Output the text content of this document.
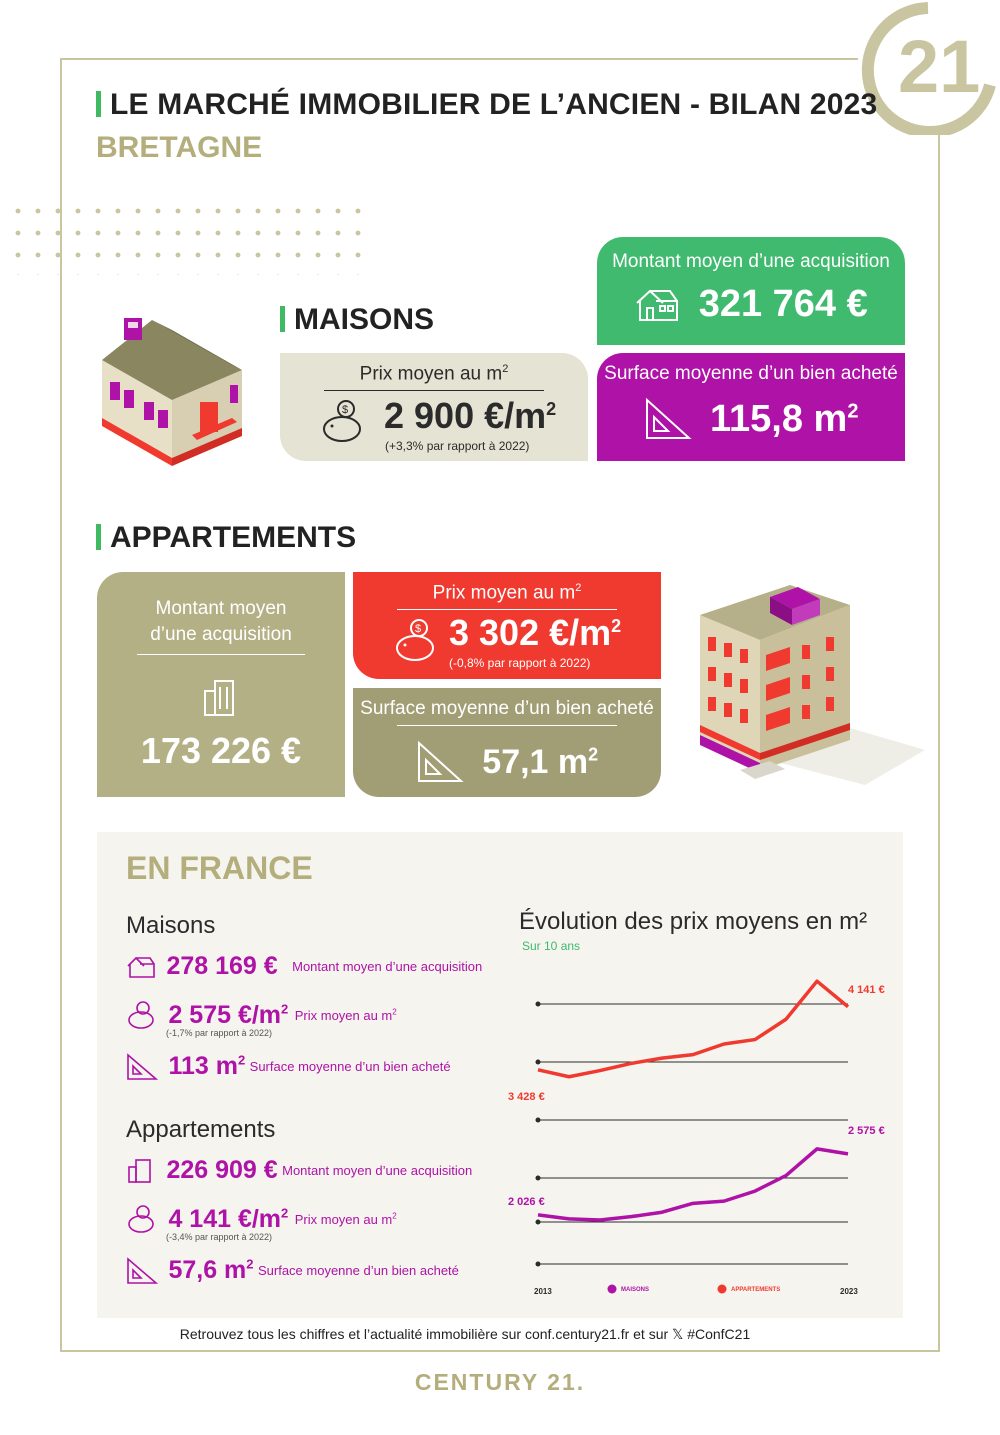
21
LE MARCHÉ IMMOBILIER DE L’ANCIEN - BILAN 2023
BRETAGNE
MAISONS
Montant moyen d’une acquisition
321 764 €
Prix moyen au $m^2$
$ 2 900 $€/m^2$
(+3,3% par rapport à 2022)
Surface moyenne d’un bien acheté
115,8 $m^2$
APPARTEMENTS
Montant moyen
d’une acquisition
173 226 €
Prix moyen au $m^2$
$ 3 302 $€/m^2$
(-0,8% par rapport à 2022)
Surface moyenne d’un bien acheté
57,1 $m^2$
EN FRANCE
Maisons
278 169 € Montant moyen d’une acquisition
2 575 $€/m^2$ Prix moyen au $m^2$
(-1,7% par rapport à 2022)
113 $m^2$ Surface moyenne d’un bien acheté
Appartements
226 909 € Montant moyen d’une acquisition
4 141 $€/m^2$ Prix moyen au $m^2$
(-3,4% par rapport à 2022)
57,6 $m^2$ Surface moyenne d’un bien acheté
Évolution des prix moyens en m²
Sur 10 ans
3 428 €
4 141 €
2 026 €
2 575 €
2013	2023
MAISONS	APPARTEMENTS
Retrouvez tous les chiffres et l’actualité immobilière sur conf.century21.fr et sur 𝕏 #ConfC21
CENTURY 21.
